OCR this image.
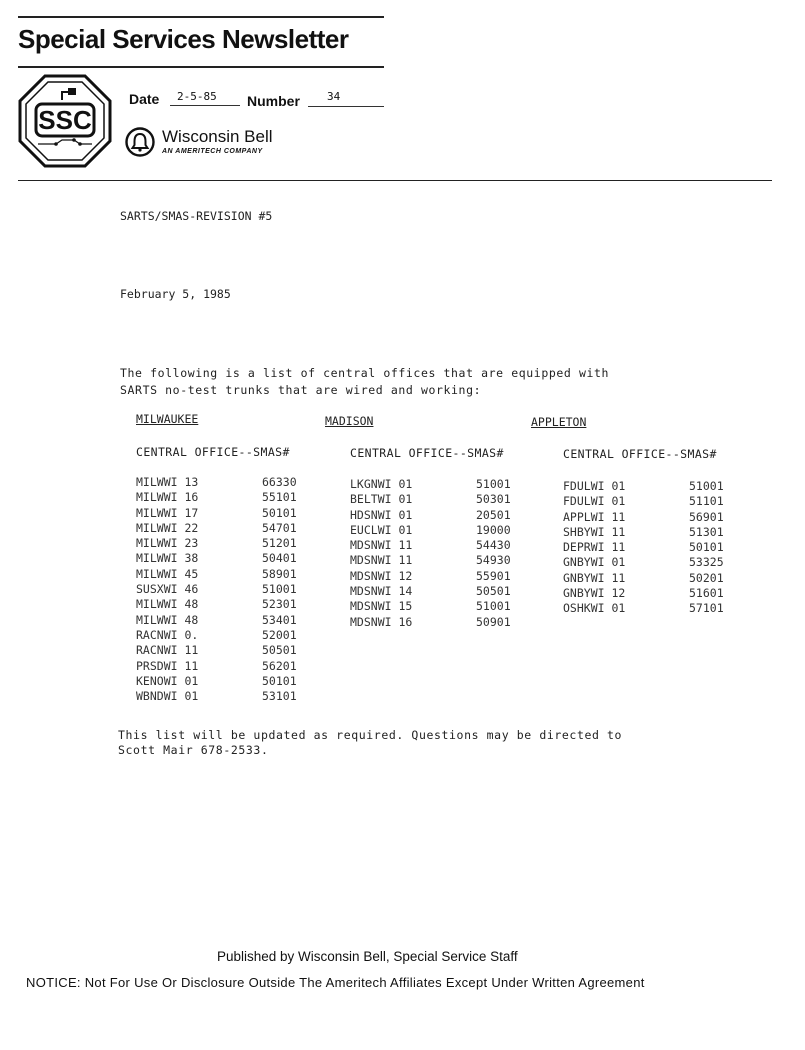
Special Services Newsletter
SSC
Date 2-5-85 Number 34
Wisconsin Bell
AN AMERITECH COMPANY
SARTS/SMAS-REVISION #5
February 5, 1985
The following is a list of central offices that are equipped with
SARTS no-test trunks that are wired and working:
MILWAUKEE
CENTRAL OFFICE--SMAS#
MILWWI 13	66330
MILWWI 16	55101
MILWWI 17	50101
MILWWI 22	54701
MILWWI 23	51201
MILWWI 38	50401
MILWWI 45	58901
SUSXWI 46	51001
MILWWI 48	52301
MILWWI 48	53401
RACNWI 0.	52001
RACNWI 11	50501
PRSDWI 11	56201
KENOWI 01	50101
WBNDWI 01	53101
MADISON
CENTRAL OFFICE--SMAS#
LKGNWI 01	51001
BELTWI 01	50301
HDSNWI 01	20501
EUCLWI 01	19000
MDSNWI 11	54430
MDSNWI 11	54930
MDSNWI 12	55901
MDSNWI 14	50501
MDSNWI 15	51001
MDSNWI 16	50901
APPLETON
CENTRAL OFFICE--SMAS#
FDULWI 01	51001
FDULWI 01	51101
APPLWI 11	56901
SHBYWI 11	51301
DEPRWI 11	50101
GNBYWI 01	53325
GNBYWI 11	50201
GNBYWI 12	51601
OSHKWI 01	57101
This list will be updated as required. Questions may be directed to
Scott Mair 678-2533.
Published by Wisconsin Bell, Special Service Staff
NOTICE: Not For Use Or Disclosure Outside The Ameritech Affiliates Except Under Written Agreement
